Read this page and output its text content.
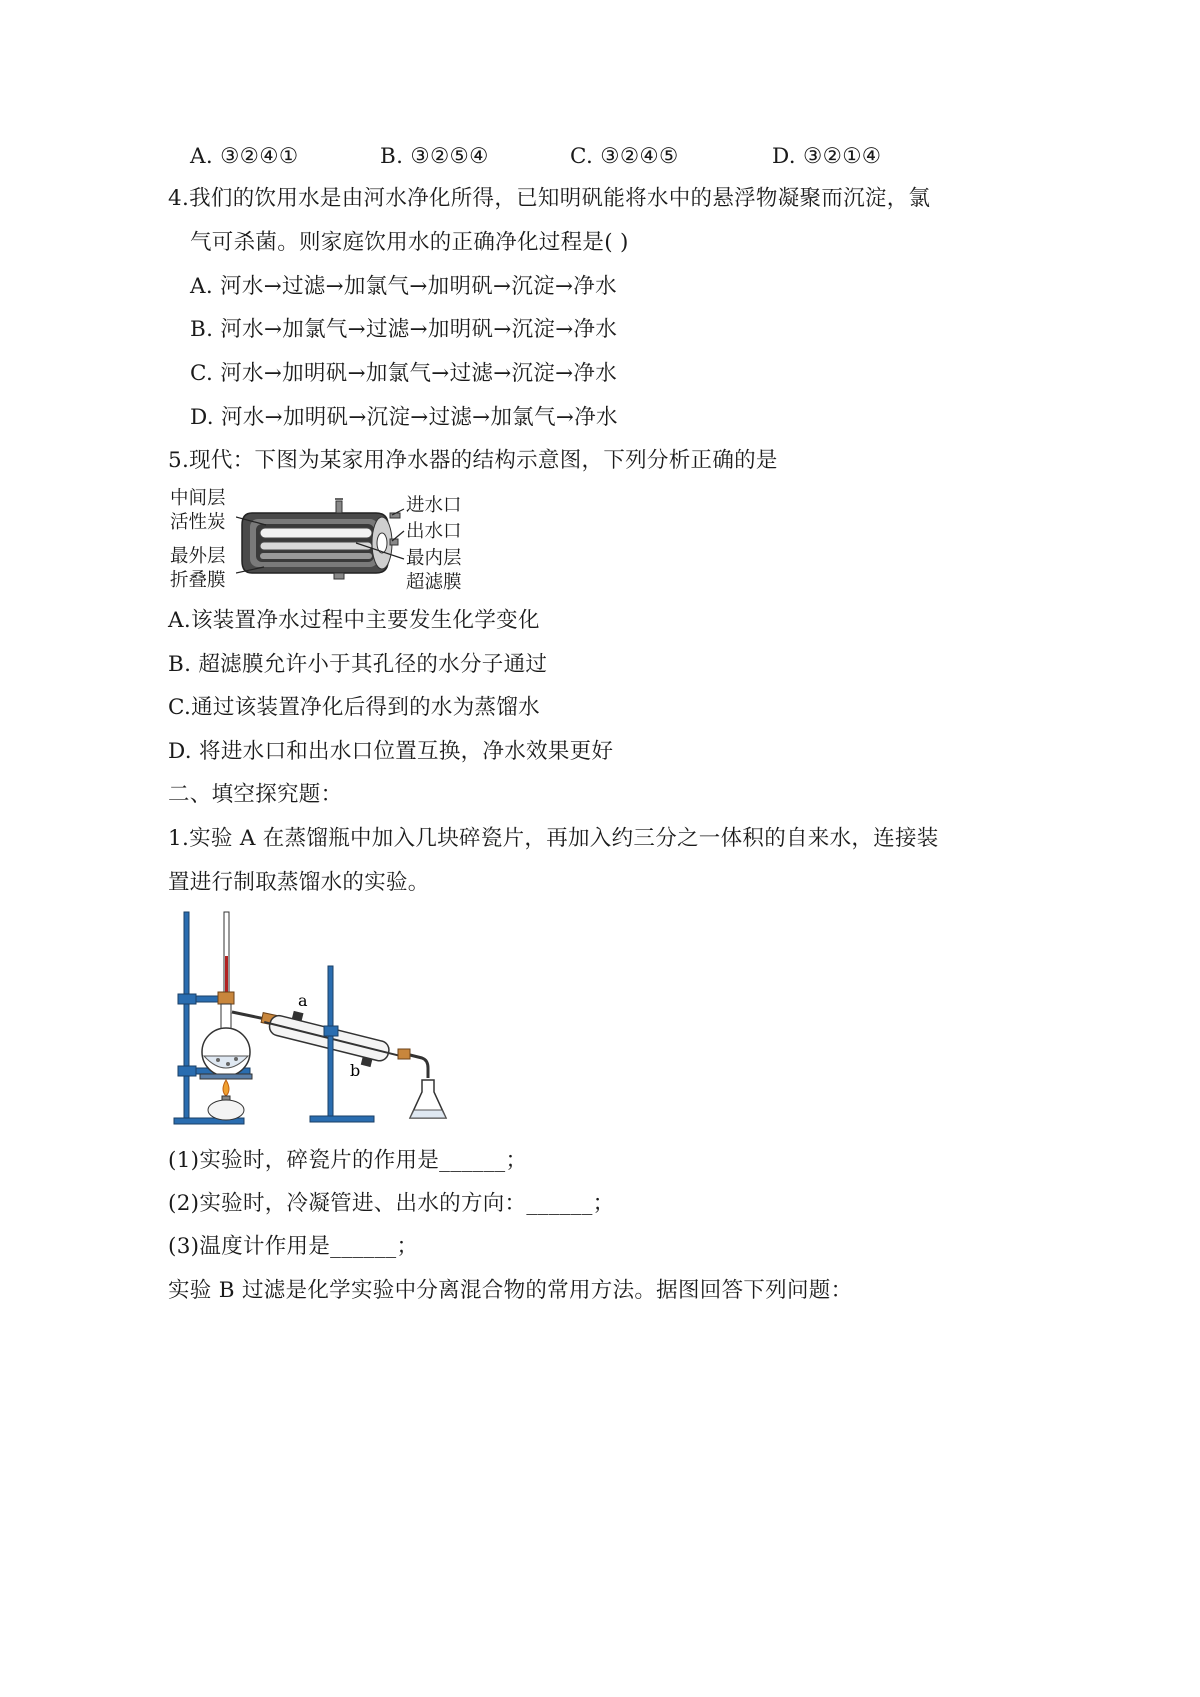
A. ③②④①	B. ③②⑤④	C. ③②④⑤	D. ③②①④
4.我们的饮用水是由河水净化所得，已知明矾能将水中的悬浮物凝聚而沉淀，氯
气可杀菌。则家庭饮用水的正确净化过程是( )
A. 河水→过滤→加氯气→加明矾→沉淀→净水
B. 河水→加氯气→过滤→加明矾→沉淀→净水
C. 河水→加明矾→加氯气→过滤→沉淀→净水
D. 河水→加明矾→沉淀→过滤→加氯气→净水
5.现代：下图为某家用净水器的结构示意图，下列分析正确的是
中间层
活性炭
最外层
折叠膜
进水口
出水口
最内层
超滤膜
A.该装置净水过程中主要发生化学变化
B. 超滤膜允许小于其孔径的水分子通过
C.通过该装置净化后得到的水为蒸馏水
D. 将进水口和出水口位置互换，净水效果更好
二、填空探究题：
1.实验 A 在蒸馏瓶中加入几块碎瓷片，再加入约三分之一体积的自来水，连接装
置进行制取蒸馏水的实验。
a
b
(1)实验时，碎瓷片的作用是______；
(2)实验时，冷凝管进、出水的方向：______；
(3)温度计作用是______；
实验 B 过滤是化学实验中分离混合物的常用方法。据图回答下列问题：
